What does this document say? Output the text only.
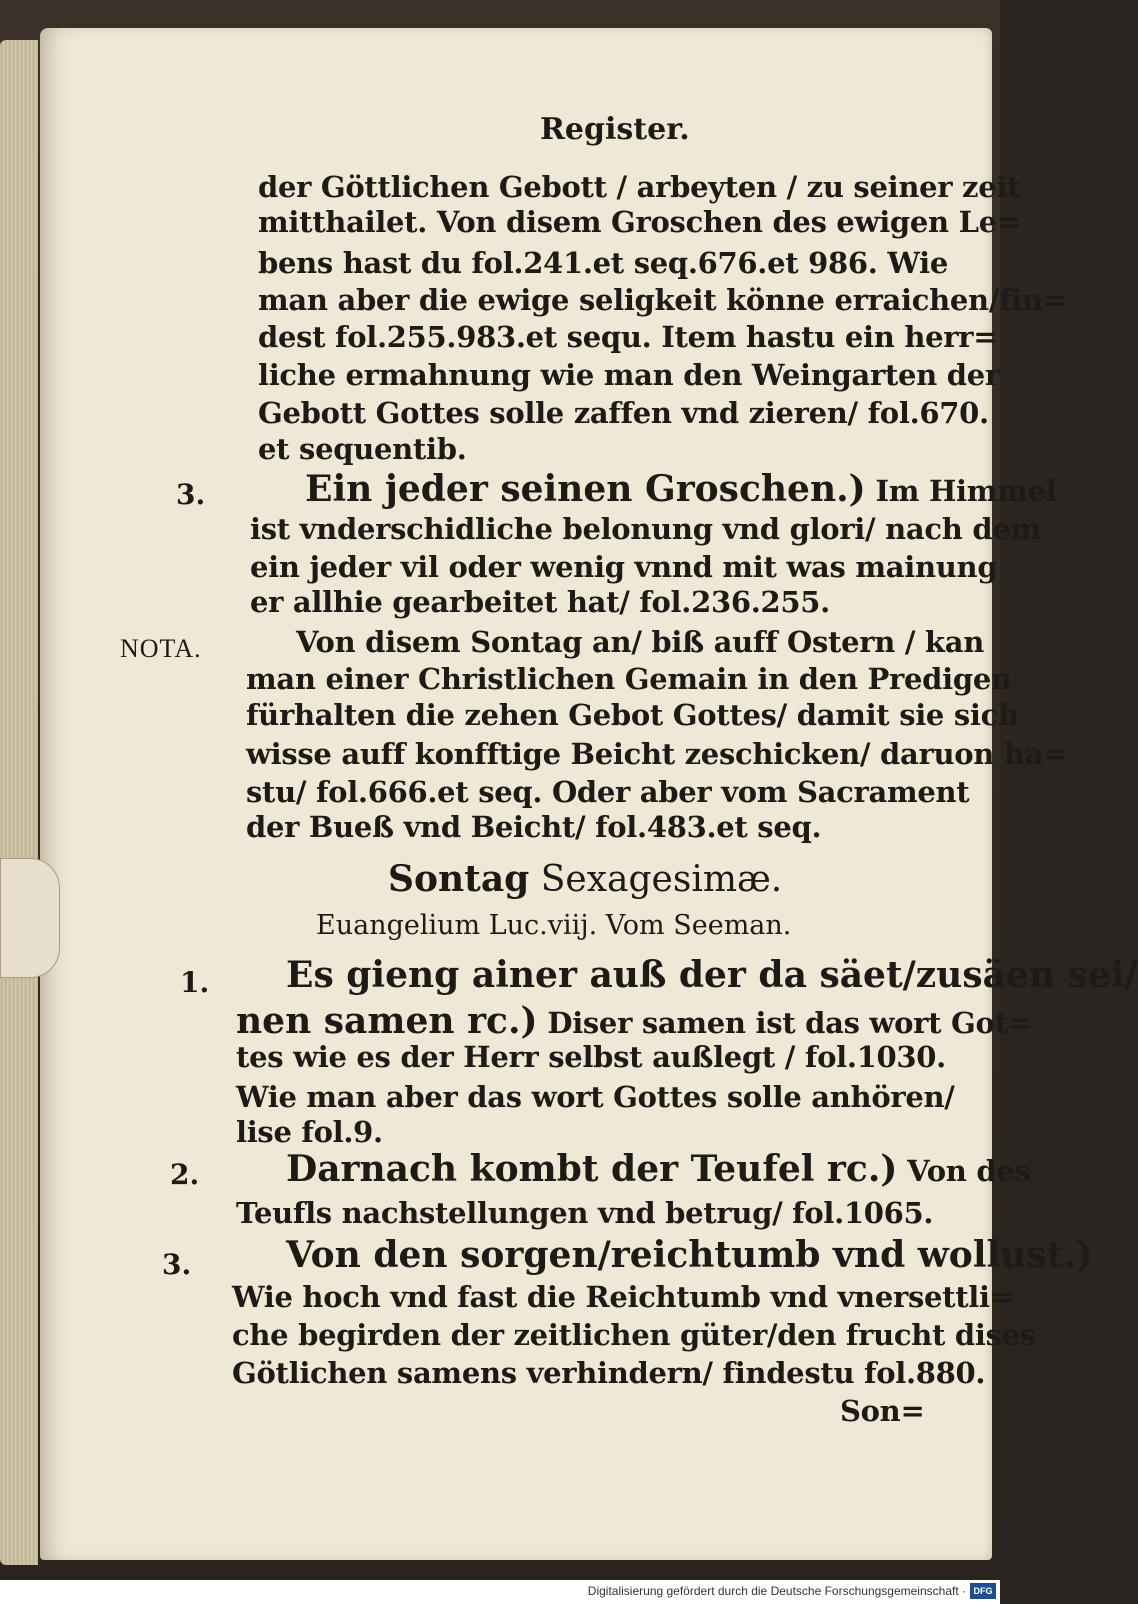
Register.
der Göttlichen Gebott / arbeyten / zu seiner zeit
mitthailet. Von disem Groschen des ewigen Le=
bens hast du fol.241.et seq.676.et 986. Wie
man aber die ewige seligkeit könne erraichen/fin=
dest fol.255.983.et sequ. Item hastu ein herr=
liche ermahnung wie man den Weingarten der
Gebott Gottes solle zaffen vnd zieren/ fol.670.
et sequentib.
3.	Ein jeder seinen Groschen.) Im Himmel
ist vnderschidliche belonung vnd glori/ nach dem
ein jeder vil oder wenig vnnd mit was mainung
er allhie gearbeitet hat/ fol.236.255.
NOTA.	Von disem Sontag an/ biß auff Ostern / kan
man einer Christlichen Gemain in den Predigen
fürhalten die zehen Gebot Gottes/ damit sie sich
wisse auff konfftige Beicht zeschicken/ daruon ha=
stu/ fol.666.et seq. Oder aber vom Sacrament
der Bueß vnd Beicht/ fol.483.et seq.
Sontag Sexagesimæ.
Euangelium Luc.viij. Vom Seeman.
1. Es gieng ainer auß der da säet/zusäen sei/
nen samen rc.) Diser samen ist das wort Got=
tes wie es der Herr selbst außlegt / fol.1030.
Wie man aber das wort Gottes solle anhören/
lise fol.9.
2. Darnach kombt der Teufel rc.) Von des
Teufls nachstellungen vnd betrug/ fol.1065.
3.	Von den sorgen/reichtumb vnd wollust.)
Wie hoch vnd fast die Reichtumb vnd vnersettli=
che begirden der zeitlichen güter/den frucht dises
Götlichen samens verhindern/ findestu fol.880.
Son=
Digitalisierung gefördert durch die Deutsche Forschungsgemeinschaft · DFG
